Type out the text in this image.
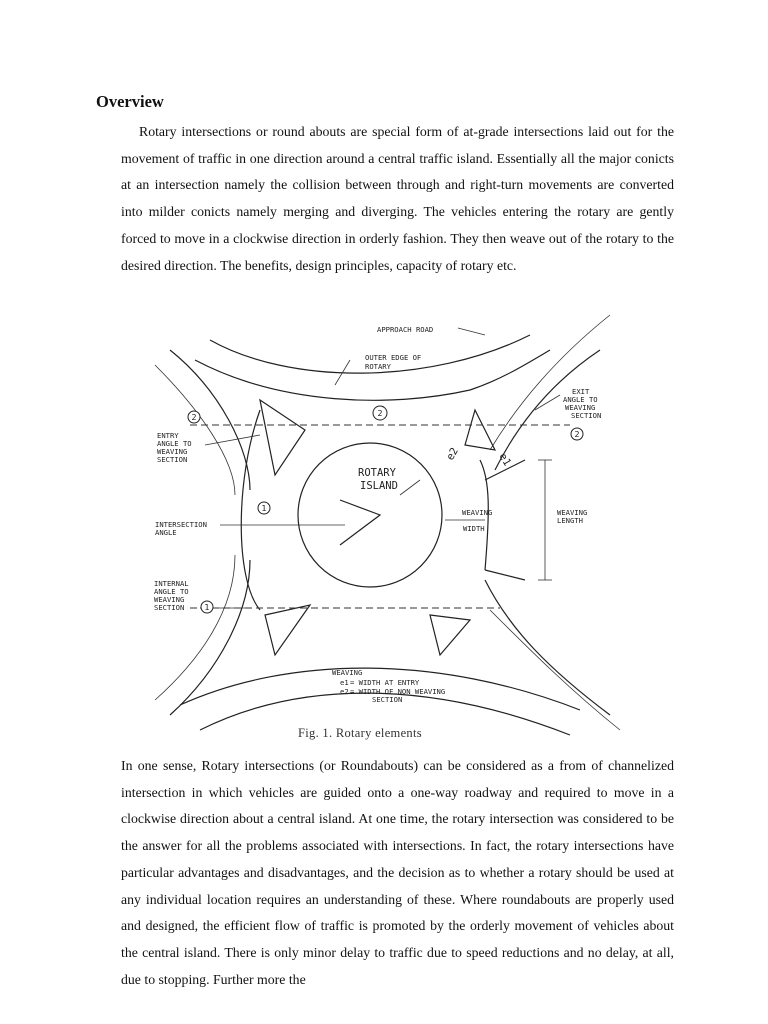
Overview

Rotary intersections or round abouts are special form of at-grade intersections laid out for the movement of traffic in one direction around a central traffic island. Essentially all the major conicts at an intersection namely the collision between through and right-turn movements are converted into milder conicts namely merging and diverging. The vehicles entering the rotary are gently forced to move in a clockwise direction in orderly fashion. They then weave out of the rotary to the desired direction. The benefits, design principles, capacity of rotary etc.

APPROACH ROAD
OUTER EDGE OF
ROTARY
EXIT
ANGLE TO
WEAVING
SECTION
ENTRY
ANGLE TO
WEAVING
SECTION
ROTARY
ISLAND
e2	e1
WEAVING
WIDTH
WEAVING
LENGTH
INTERSECTION
ANGLE
INTERNAL
ANGLE TO
WEAVING
SECTION
WEAVING
e1 = WIDTH AT ENTRY
e2 = WIDTH OF NON WEAVING
SECTION
2	2
2
1
1
Fig. 1. Rotary elements

In one sense, Rotary intersections (or Roundabouts) can be considered as a from of channelized intersection in which vehicles are guided onto a one-way roadway and required to move in a clockwise direction about a central island. At one time, the rotary intersection was considered to be the answer for all the problems associated with intersections. In fact, the rotary intersections have particular advantages and disadvantages, and the decision as to whether a rotary should be used at any individual location requires an understanding of these. Where roundabouts are properly used and designed, the efficient flow of traffic is promoted by the orderly movement of vehicles about the central island. There is only minor delay to traffic due to speed reductions and no delay, at all, due to stopping. Further more the
